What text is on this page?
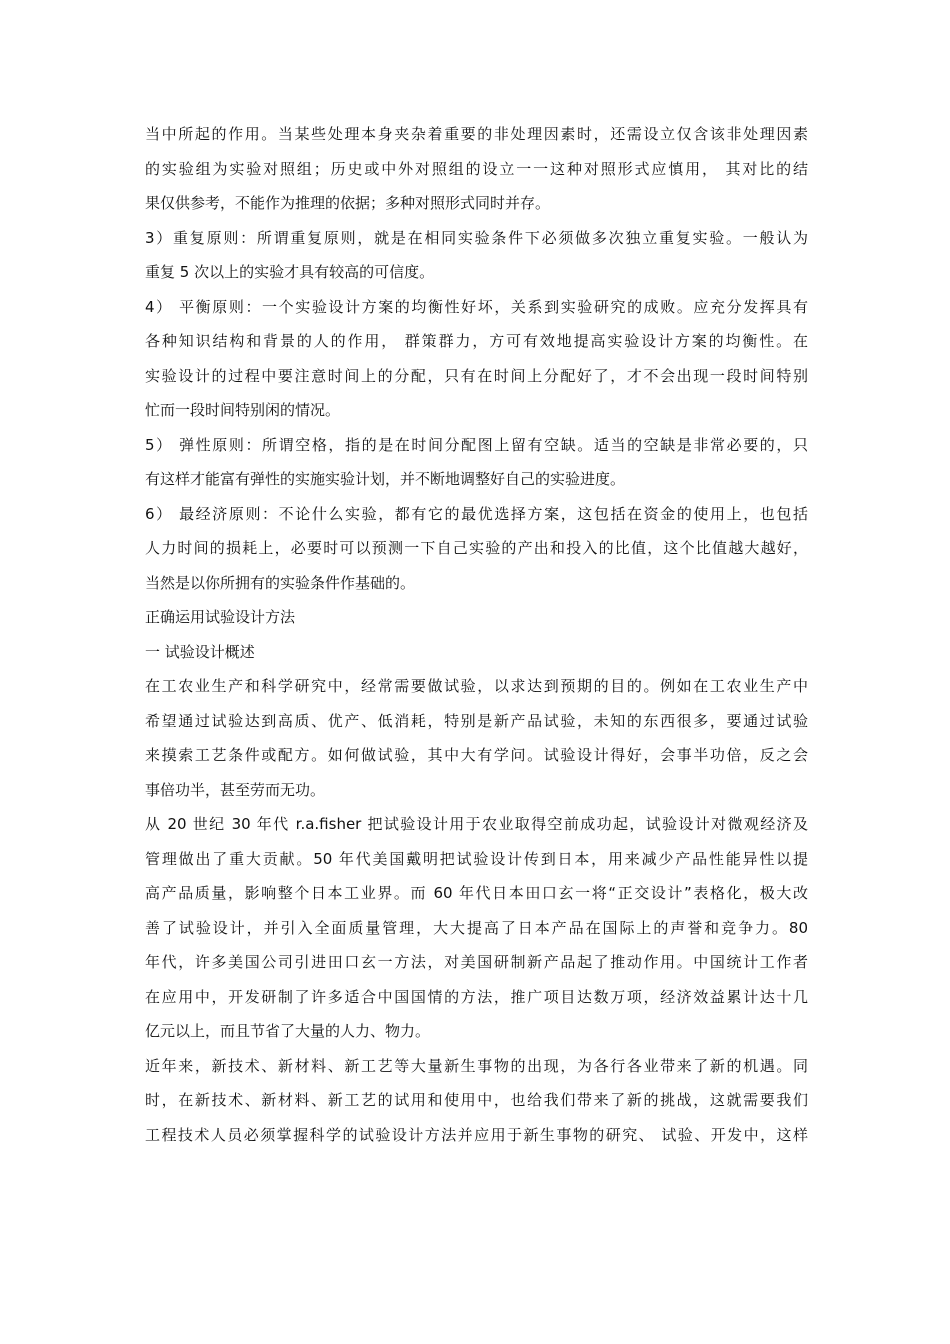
当中所起的作用。当某些处理本身夹杂着重要的非处理因素时，还需设立仅含该非处理因素
的实验组为实验对照组；历史或中外对照组的设立一一这种对照形式应慎用， 其对比的结
果仅供参考，不能作为推理的依据；多种对照形式同时并存。
3）重复原则：所谓重复原则，就是在相同实验条件下必须做多次独立重复实验。一般认为
重复 5 次以上的实验才具有较高的可信度。
4） 平衡原则：一个实验设计方案的均衡性好坏，关系到实验研究的成败。应充分发挥具有
各种知识结构和背景的人的作用， 群策群力，方可有效地提高实验设计方案的均衡性。在
实验设计的过程中要注意时间上的分配，只有在时间上分配好了，才不会出现一段时间特别
忙而一段时间特别闲的情况。
5） 弹性原则：所谓空格，指的是在时间分配图上留有空缺。适当的空缺是非常必要的，只
有这样才能富有弹性的实施实验计划，并不断地调整好自己的实验进度。
6） 最经济原则：不论什么实验，都有它的最优选择方案，这包括在资金的使用上，也包括
人力时间的损耗上，必要时可以预测一下自己实验的产出和投入的比值，这个比值越大越好，
当然是以你所拥有的实验条件作基础的。
正确运用试验设计方法
一 试验设计概述
在工农业生产和科学研究中，经常需要做试验，以求达到预期的目的。例如在工农业生产中
希望通过试验达到高质、优产、低消耗，特别是新产品试验，未知的东西很多，要通过试验
来摸索工艺条件或配方。如何做试验，其中大有学问。试验设计得好，会事半功倍，反之会
事倍功半，甚至劳而无功。
从 20 世纪 30 年代 r.a.fisher 把试验设计用于农业取得空前成功起，试验设计对微观经济及
管理做出了重大贡献。50 年代美国戴明把试验设计传到日本，用来减少产品性能异性以提
高产品质量，影响整个日本工业界。而 60 年代日本田口玄一将“正交设计”表格化，极大改
善了试验设计，并引入全面质量管理，大大提高了日本产品在国际上的声誉和竞争力。80
年代，许多美国公司引进田口玄一方法，对美国研制新产品起了推动作用。中国统计工作者
在应用中，开发研制了许多适合中国国情的方法，推广项目达数万项，经济效益累计达十几
亿元以上，而且节省了大量的人力、物力。
近年来，新技术、新材料、新工艺等大量新生事物的出现，为各行各业带来了新的机遇。同
时，在新技术、新材料、新工艺的试用和使用中，也给我们带来了新的挑战，这就需要我们
工程技术人员必须掌握科学的试验设计方法并应用于新生事物的研究、 试验、开发中，这样
